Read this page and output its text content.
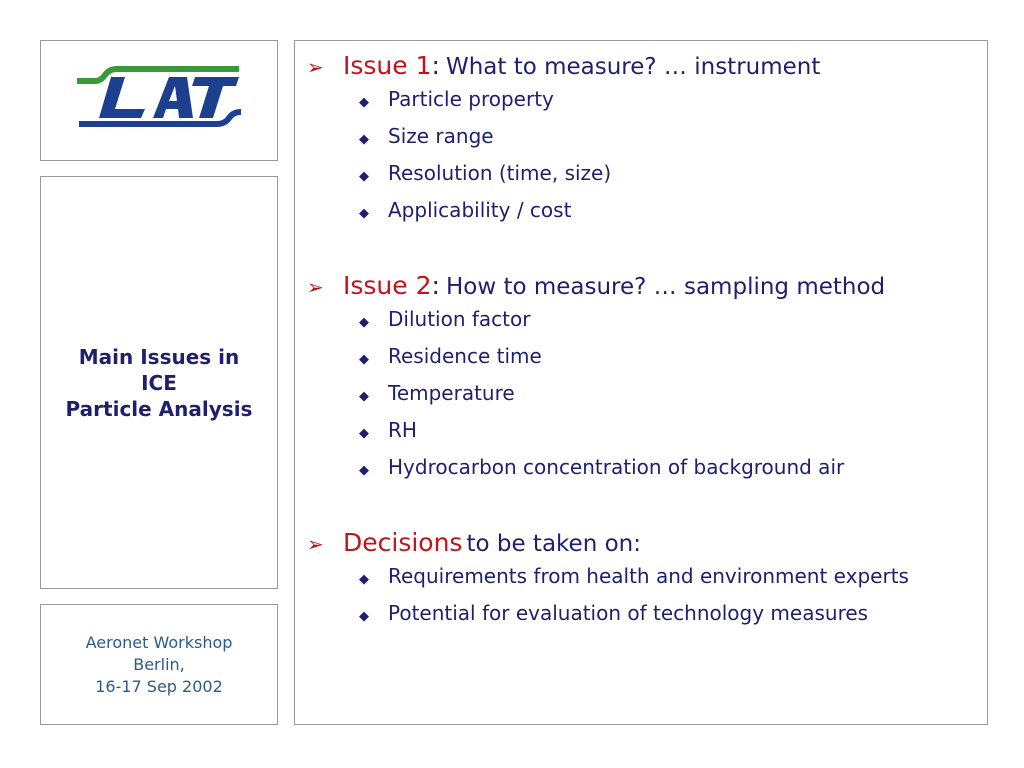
Main Issues in
ICE
Particle Analysis
Aeronet Workshop
Berlin,
16-17 Sep 2002
➢ Issue 1 : What to measure? … instrument
◆ Particle property
◆ Size range
◆ Resolution (time, size)
◆ Applicability / cost
➢ Issue 2 : How to measure? … sampling method
◆ Dilution factor
◆ Residence time
◆ Temperature
◆ RH
◆ Hydrocarbon concentration of background air
➢ Decisions to be taken on:
◆ Requirements from health and environment experts
◆ Potential for evaluation of technology measures
